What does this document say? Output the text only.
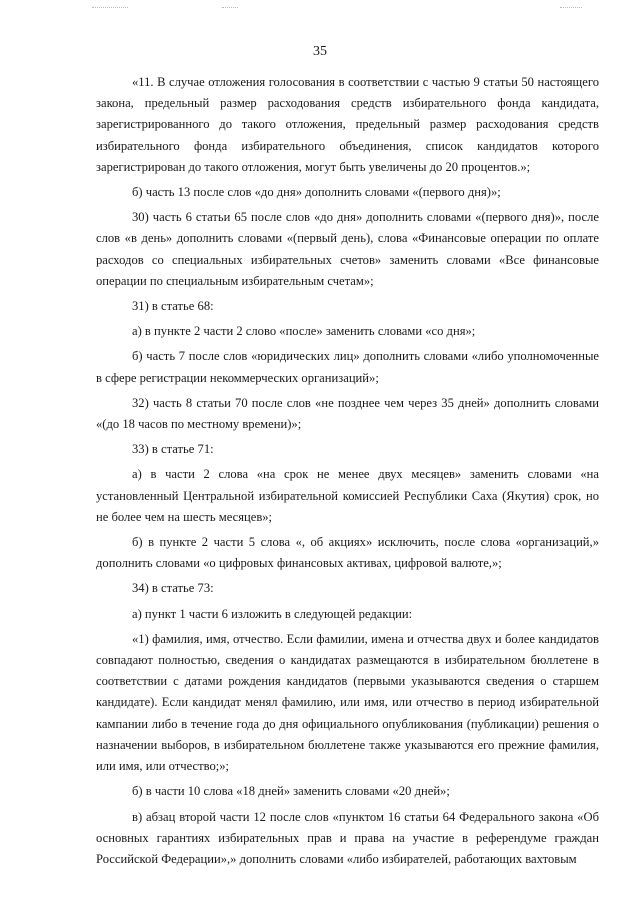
35

«11. В случае отложения голосования в соответствии с частью 9 статьи 50 настоящего закона, предельный размер расходования средств избирательного фонда кандидата, зарегистрированного до такого отложения, предельный размер расходования средств избирательного фонда избирательного объединения, список кандидатов которого зарегистрирован до такого отложения, могут быть увеличены до 20 процентов.»;

б) часть 13 после слов «до дня» дополнить словами «(первого дня)»;

30) часть 6 статьи 65 после слов «до дня» дополнить словами «(первого дня)», после слов «в день» дополнить словами «(первый день), слова «Финансовые операции по оплате расходов со специальных избирательных счетов» заменить словами «Все финансовые операции по специальным избирательным счетам»;

31) в статье 68:

а) в пункте 2 части 2 слово «после» заменить словами «со дня»;

б) часть 7 после слов «юридических лиц» дополнить словами «либо уполномоченные в сфере регистрации некоммерческих организаций»;

32) часть 8 статьи 70 после слов «не позднее чем через 35 дней» дополнить словами «(до 18 часов по местному времени)»;

33) в статье 71:

а) в части 2 слова «на срок не менее двух месяцев» заменить словами «на установленный Центральной избирательной комиссией Республики Саха (Якутия) срок, но не более чем на шесть месяцев»;

б) в пункте 2 части 5 слова «, об акциях» исключить, после слова «организаций,» дополнить словами «о цифровых финансовых активах, цифровой валюте,»;

34) в статье 73:

а) пункт 1 части 6 изложить в следующей редакции:

«1) фамилия, имя, отчество. Если фамилии, имена и отчества двух и более кандидатов совпадают полностью, сведения о кандидатах размещаются в избирательном бюллетене в соответствии с датами рождения кандидатов (первыми указываются сведения о старшем кандидате). Если кандидат менял фамилию, или имя, или отчество в период избирательной кампании либо в течение года до дня официального опубликования (публикации) решения о назначении выборов, в избирательном бюллетене также указываются его прежние фамилия, или имя, или отчество;»;

б) в части 10 слова «18 дней» заменить словами «20 дней»;

в) абзац второй части 12 после слов «пунктом 16 статьи 64 Федерального закона «Об основных гарантиях избирательных прав и права на участие в референдуме граждан Российской Федерации»,» дополнить словами «либо избирателей, работающих вахтовым
